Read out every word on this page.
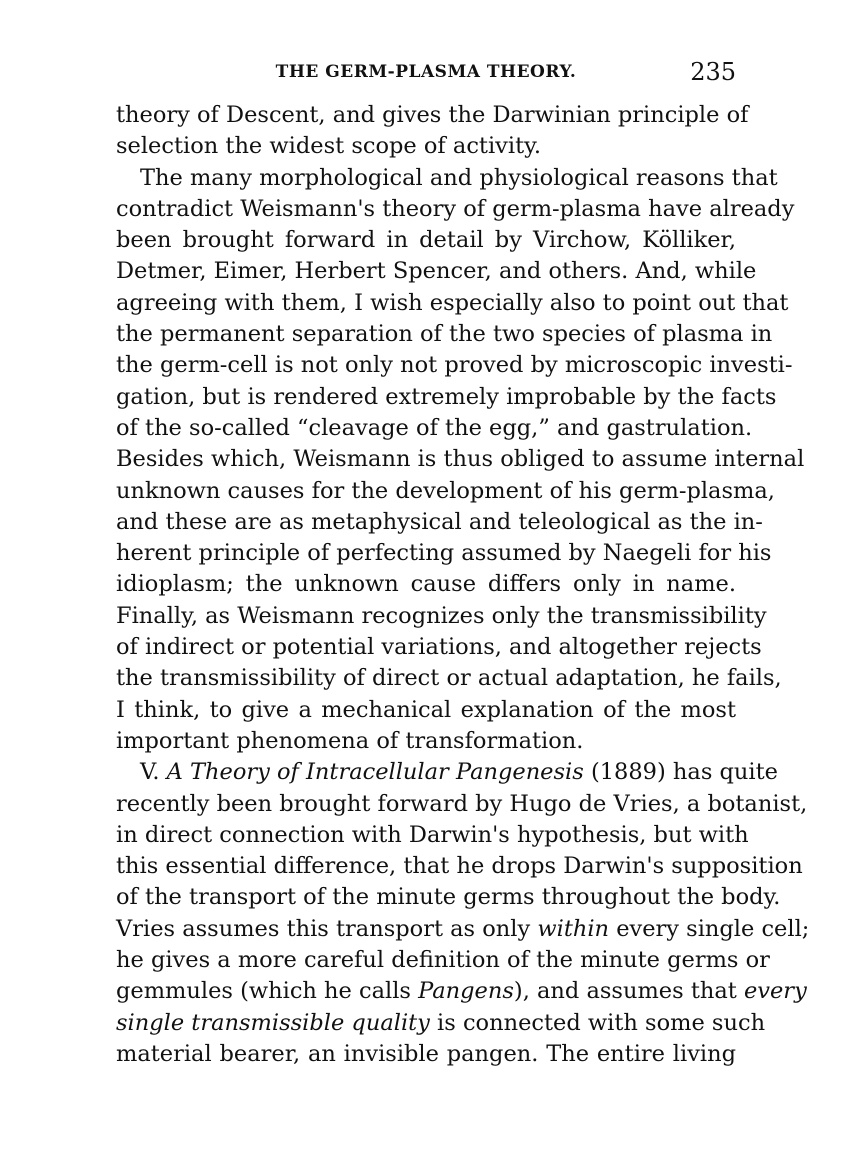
THE GERM-PLASMA THEORY.	235
theory of Descent, and gives the Darwinian principle of
selection the widest scope of activity.
The many morphological and physiological reasons that
contradict Weismann's theory of germ-plasma have already
been brought forward in detail by Virchow, Kölliker,
Detmer, Eimer, Herbert Spencer, and others. And, while
agreeing with them, I wish especially also to point out that
the permanent separation of the two species of plasma in
the germ-cell is not only not proved by microscopic investi-
gation, but is rendered extremely improbable by the facts
of the so-called “cleavage of the egg,” and gastrulation.
Besides which, Weismann is thus obliged to assume internal
unknown causes for the development of his germ-plasma,
and these are as metaphysical and teleological as the in-
herent principle of perfecting assumed by Naegeli for his
idioplasm; the unknown cause differs only in name.
Finally, as Weismann recognizes only the transmissibility
of indirect or potential variations, and altogether rejects
the transmissibility of direct or actual adaptation, he fails,
I think, to give a mechanical explanation of the most
important phenomena of transformation.
V. A Theory of Intracellular Pangenesis (1889) has quite
recently been brought forward by Hugo de Vries, a botanist,
in direct connection with Darwin's hypothesis, but with
this essential difference, that he drops Darwin's supposition
of the transport of the minute germs throughout the body.
Vries assumes this transport as only within every single cell;
he gives a more careful definition of the minute germs or
gemmules (which he calls Pangens), and assumes that every
single transmissible quality is connected with some such
material bearer, an invisible pangen. The entire living
